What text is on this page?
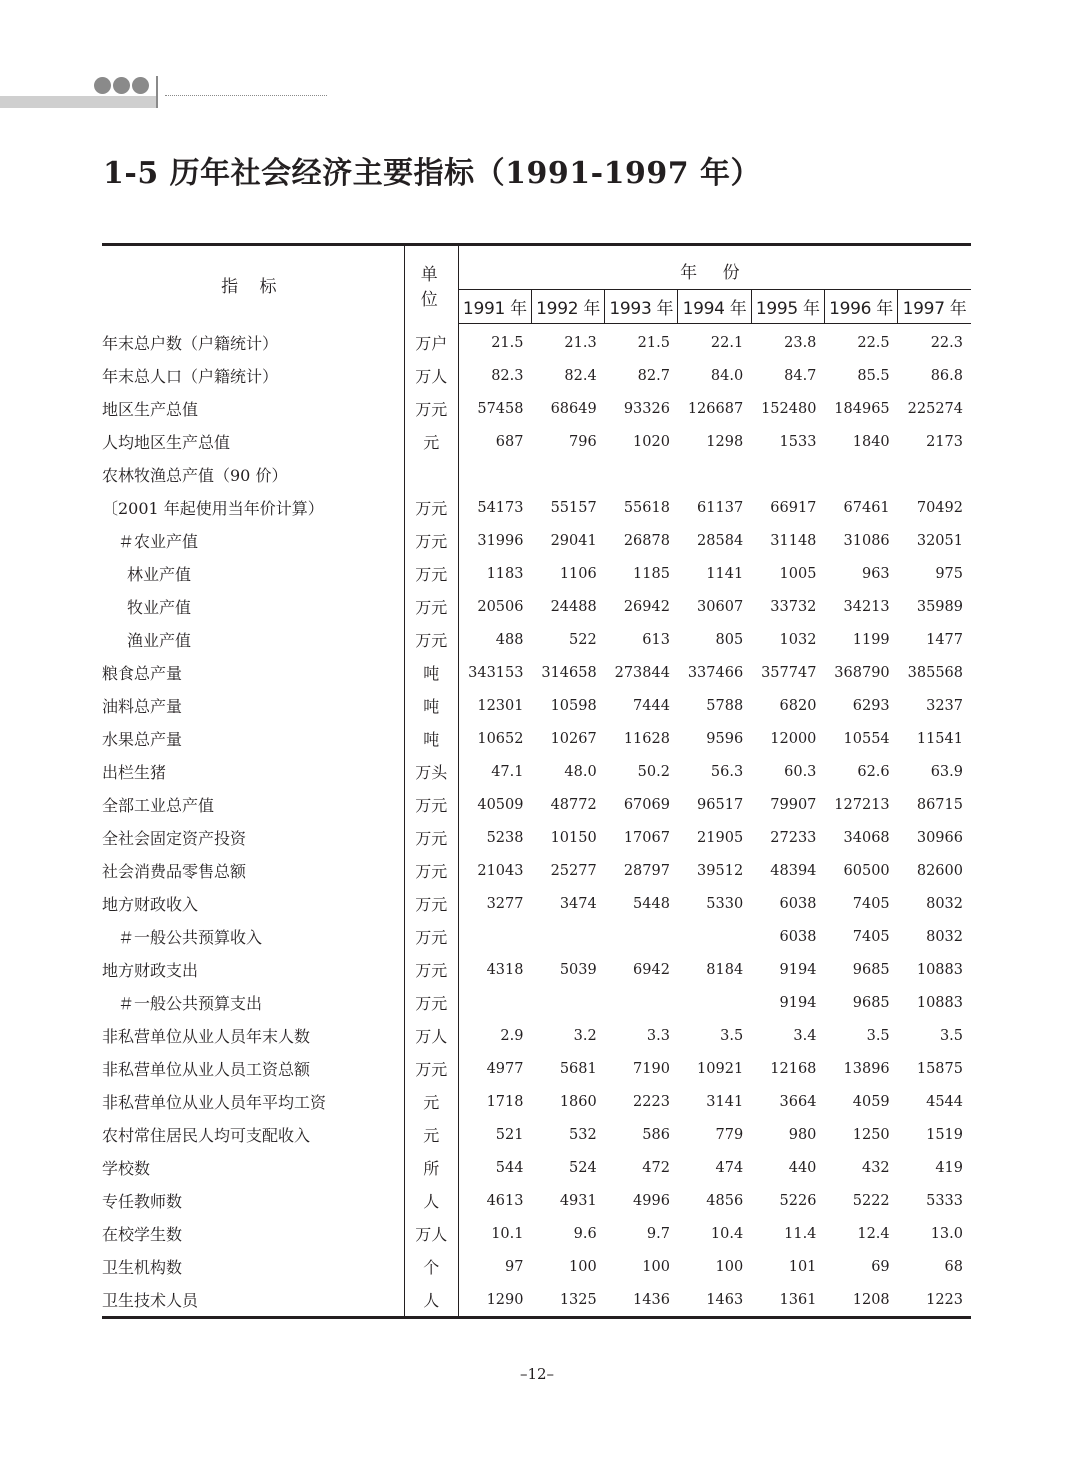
1-5 历年社会经济主要指标（1991-1997 年）
指 标	单 位	年 份						
		1991 年	1992 年	1993 年	1994 年	1995 年	1996 年	1997 年
年末总户数（户籍统计）	万户	21.5	21.3	21.5	22.1	23.8	22.5	22.3
年末总人口（户籍统计）	万人	82.3	82.4	82.7	84.0	84.7	85.5	86.8
地区生产总值	万元	57458	68649	93326	126687	152480	184965	225274
人均地区生产总值	元	687	796	1020	1298	1533	1840	2173
农林牧渔总产值（90 价）								
〔2001 年起使用当年价计算）	万元	54173	55157	55618	61137	66917	67461	70492
＃农业产值	万元	31996	29041	26878	28584	31148	31086	32051
林业产值	万元	1183	1106	1185	1141	1005	963	975
牧业产值	万元	20506	24488	26942	30607	33732	34213	35989
渔业产值	万元	488	522	613	805	1032	1199	1477
粮食总产量	吨	343153	314658	273844	337466	357747	368790	385568
油料总产量	吨	12301	10598	7444	5788	6820	6293	3237
水果总产量	吨	10652	10267	11628	9596	12000	10554	11541
出栏生猪	万头	47.1	48.0	50.2	56.3	60.3	62.6	63.9
全部工业总产值	万元	40509	48772	67069	96517	79907	127213	86715
全社会固定资产投资	万元	5238	10150	17067	21905	27233	34068	30966
社会消费品零售总额	万元	21043	25277	28797	39512	48394	60500	82600
地方财政收入	万元	3277	3474	5448	5330	6038	7405	8032
＃一般公共预算收入	万元					6038	7405	8032
地方财政支出	万元	4318	5039	6942	8184	9194	9685	10883
＃一般公共预算支出	万元					9194	9685	10883
非私营单位从业人员年末人数	万人	2.9	3.2	3.3	3.5	3.4	3.5	3.5
非私营单位从业人员工资总额	万元	4977	5681	7190	10921	12168	13896	15875
非私营单位从业人员年平均工资	元	1718	1860	2223	3141	3664	4059	4544
农村常住居民人均可支配收入	元	521	532	586	779	980	1250	1519
学校数	所	544	524	472	474	440	432	419
专任教师数	人	4613	4931	4996	4856	5226	5222	5333
在校学生数	万人	10.1	9.6	9.7	10.4	11.4	12.4	13.0
卫生机构数	个	97	100	100	100	101	69	68
卫生技术人员	人	1290	1325	1436	1463	1361	1208	1223
–12–
